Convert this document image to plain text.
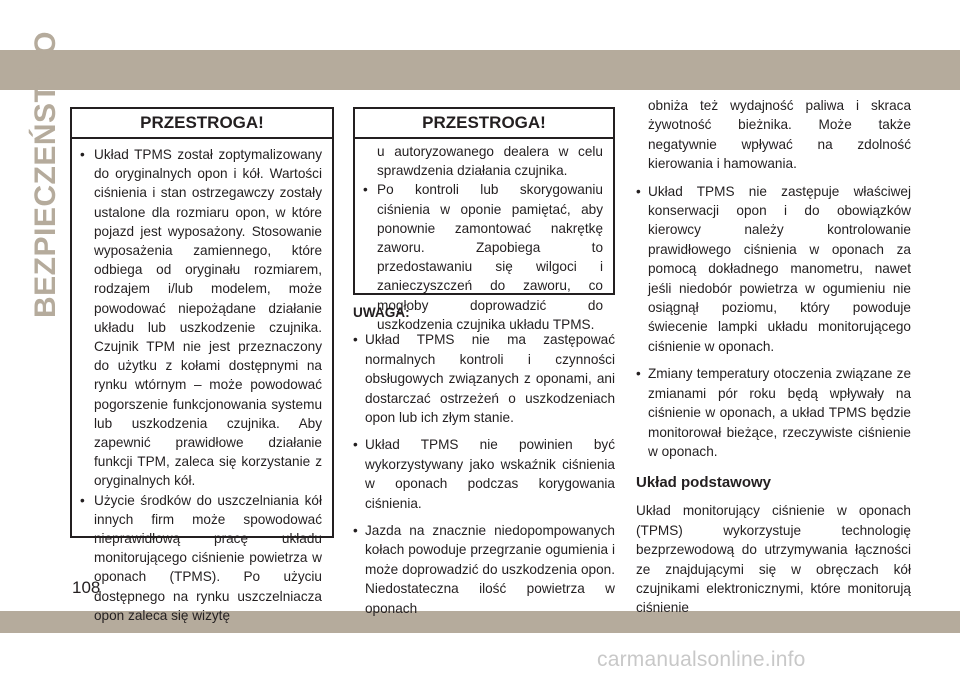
BEZPIECZEŃSTWO	PRZESTROGA!
• Układ TPMS został zoptymalizowany do oryginalnych opon i kół. Wartości ciśnienia i stan ostrzegawczy zostały ustalone dla rozmiaru opon, w które pojazd jest wyposażony. Stosowanie wyposażenia zamiennego, które odbiega od oryginału rozmiarem, rodzajem i/lub modelem, może powodować niepożądane działanie układu lub uszkodzenie czujnika. Czujnik TPM nie jest przeznaczony do użytku z kołami dostępnymi na rynku wtórnym – może powodować pogorszenie funkcjonowania systemu lub uszkodzenia czujnika. Aby zapewnić prawidłowe działanie funkcji TPM, zaleca się korzystanie z oryginalnych kół.
• Użycie środków do uszczelniania kół innych firm może spowodować nieprawidłową pracę układu monitorującego ciśnienie powietrza w oponach (TPMS). Po użyciu dostępnego na rynku uszczelniacza opon zaleca się wizytę
PRZESTROGA!
u autoryzowanego dealera w celu sprawdzenia działania czujnika.
• Po kontroli lub skorygowaniu ciśnienia w oponie pamiętać, aby ponownie zamontować nakrętkę zaworu. Zapobiega to przedostawaniu się wilgoci i zanieczyszczeń do zaworu, co mogłoby doprowadzić do uszkodzenia czujnika układu TPMS.
UWAGA:
• Układ TPMS nie ma zastępować normalnych kontroli i czynności obsługowych związanych z oponami, ani dostarczać ostrzeżeń o uszkodzeniach opon lub ich złym stanie.
• Układ TPMS nie powinien być wykorzystywany jako wskaźnik ciśnienia w oponach podczas korygowania ciśnienia.
• Jazda na znacznie niedopompowanych kołach powoduje przegrzanie ogumienia i może doprowadzić do uszkodzenia opon. Niedostateczna ilość powietrza w oponach
obniża też wydajność paliwa i skraca żywotność bieżnika. Może także negatywnie wpływać na zdolność kierowania i hamowania.
• Układ TPMS nie zastępuje właściwej konserwacji opon i do obowiązków kierowcy należy kontrolowanie prawidłowego ciśnienia w oponach za pomocą dokładnego manometru, nawet jeśli niedobór powietrza w ogumieniu nie osiągnął poziomu, który powoduje świecenie lampki układu monitorującego ciśnienie w oponach.
• Zmiany temperatury otoczenia związane ze zmianami pór roku będą wpływały na ciśnienie w oponach, a układ TPMS będzie monitorował bieżące, rzeczywiste ciśnienie w oponach.
Układ podstawowy

Układ monitorujący ciśnienie w oponach (TPMS) wykorzystuje technologię bezprzewodową do utrzymywania łączności ze znajdującymi się w obręczach kół czujnikami elektronicznymi, które monitorują ciśnienie

108
carmanualsonline.info
